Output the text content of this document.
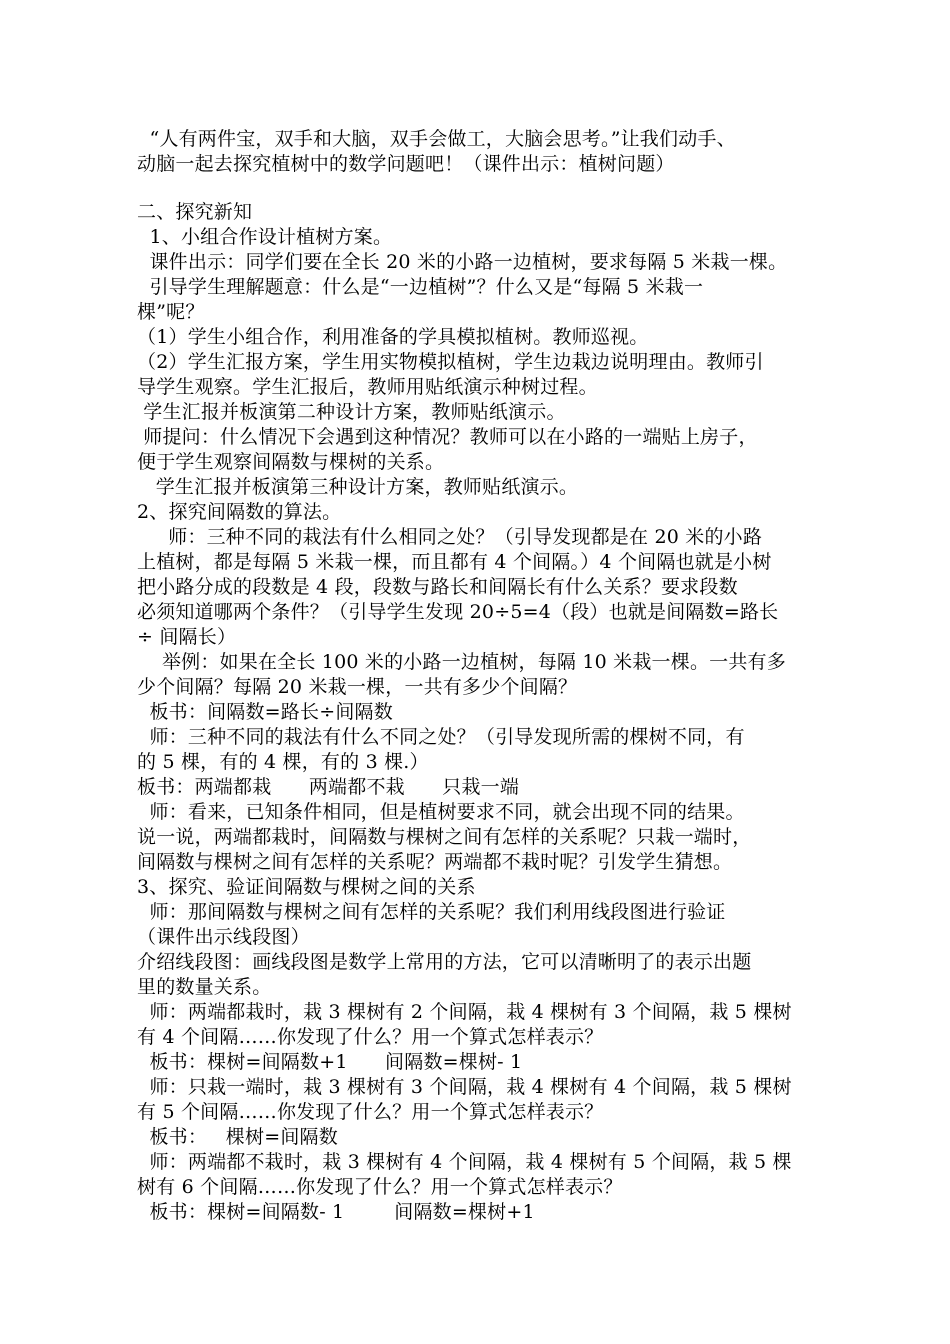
“人有两件宝，双手和大脑，双手会做工，大脑会思考。”让我们动手、
动脑一起去探究植树中的数学问题吧！（课件出示：植树问题）
二、探究新知
1、小组合作设计植树方案。
课件出示：同学们要在全长 20 米的小路一边植树，要求每隔 5 米栽一棵。
引导学生理解题意：什么是“一边植树”？什么又是“每隔 5 米栽一
棵”呢？
（1）学生小组合作，利用准备的学具模拟植树。教师巡视。
（2）学生汇报方案，学生用实物模拟植树，学生边栽边说明理由。教师引
导学生观察。学生汇报后，教师用贴纸演示种树过程。
学生汇报并板演第二种设计方案，教师贴纸演示。
师提问：什么情况下会遇到这种情况？教师可以在小路的一端贴上房子，
便于学生观察间隔数与棵树的关系。
学生汇报并板演第三种设计方案，教师贴纸演示。
2、探究间隔数的算法。
师：三种不同的栽法有什么相同之处？（引导发现都是在 20 米的小路
上植树，都是每隔 5 米栽一棵，而且都有 4 个间隔。）4 个间隔也就是小树
把小路分成的段数是 4 段，段数与路长和间隔长有什么关系？要求段数
必须知道哪两个条件？（引导学生发现 20÷5=4（段）也就是间隔数=路长
÷ 间隔长）
举例：如果在全长 100 米的小路一边植树，每隔 10 米栽一棵。一共有多
少个间隔？每隔 20 米栽一棵，一共有多少个间隔？
板书：间隔数=路长÷间隔数
师：三种不同的栽法有什么不同之处？（引导发现所需的棵树不同，有
的 5 棵，有的 4 棵，有的 3 棵.）
板书：两端都栽      两端都不栽      只栽一端
师：看来，已知条件相同，但是植树要求不同，就会出现不同的结果。
说一说，两端都栽时，间隔数与棵树之间有怎样的关系呢？只栽一端时，
间隔数与棵树之间有怎样的关系呢？两端都不栽时呢？引发学生猜想。
3、探究、验证间隔数与棵树之间的关系
师：那间隔数与棵树之间有怎样的关系呢？我们利用线段图进行验证
（课件出示线段图）
介绍线段图：画线段图是数学上常用的方法，它可以清晰明了的表示出题
里的数量关系。
师：两端都栽时，栽 3 棵树有 2 个间隔，栽 4 棵树有 3 个间隔，栽 5 棵树
有 4 个间隔……你发现了什么？用一个算式怎样表示？
板书：棵树=间隔数+1      间隔数=棵树- 1
师：只栽一端时，栽 3 棵树有 3 个间隔，栽 4 棵树有 4 个间隔，栽 5 棵树
有 5 个间隔……你发现了什么？用一个算式怎样表示？
板书：   棵树=间隔数
师：两端都不栽时，栽 3 棵树有 4 个间隔，栽 4 棵树有 5 个间隔，栽 5 棵
树有 6 个间隔……你发现了什么？用一个算式怎样表示？
板书：棵树=间隔数- 1        间隔数=棵树+1
